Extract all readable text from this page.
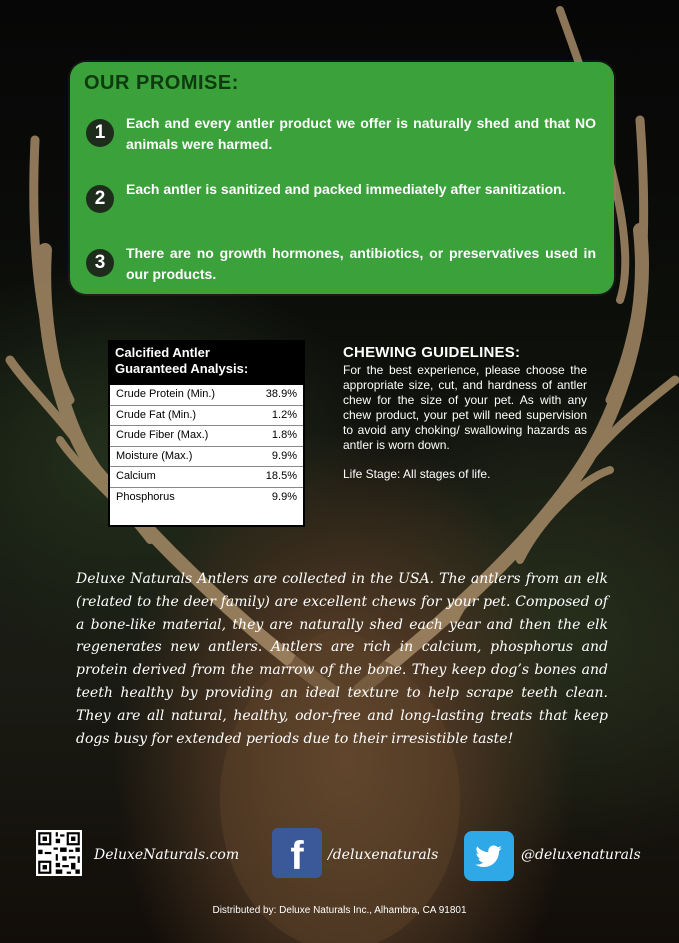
OUR PROMISE:
1	Each and every antler product we offer is naturally shed and that NO animals were harmed.
2	Each antler is sanitized and packed immediately after sanitization.
3	There are no growth hormones, antibiotics, or preservatives used in our products.
Calcified Antler
Guaranteed Analysis:
Crude Protein (Min.)	38.9%
Crude Fat (Min.)	1.2%
Crude Fiber (Max.)	1.8%
Moisture (Max.)	9.9%
Calcium	18.5%
Phosphorus	9.9%
CHEWING GUIDELINES:
For the best experience, please choose the appropriate size, cut, and hardness of antler chew for the size of your pet. As with any chew product, your pet will need supervision to avoid any choking/ swallowing hazards as antler is worn down.
Life Stage: All stages of life.
Deluxe Naturals Antlers are collected in the USA. The antlers from an elk (related to the deer family) are excellent chews for your pet. Composed of a bone-like material, they are naturally shed each year and then the elk regenerates new antlers. Antlers are rich in calcium, phosphorus and protein derived from the marrow of the bone. They keep dog’s bones and teeth healthy by providing an ideal texture to help scrape teeth clean. They are all natural, healthy, odor-free and long-lasting treats that keep dogs busy for extended periods due to their irresistible taste!
DeluxeNaturals.com	f	/deluxenaturals	@deluxenaturals
Distributed by: Deluxe Naturals Inc., Alhambra, CA 91801
